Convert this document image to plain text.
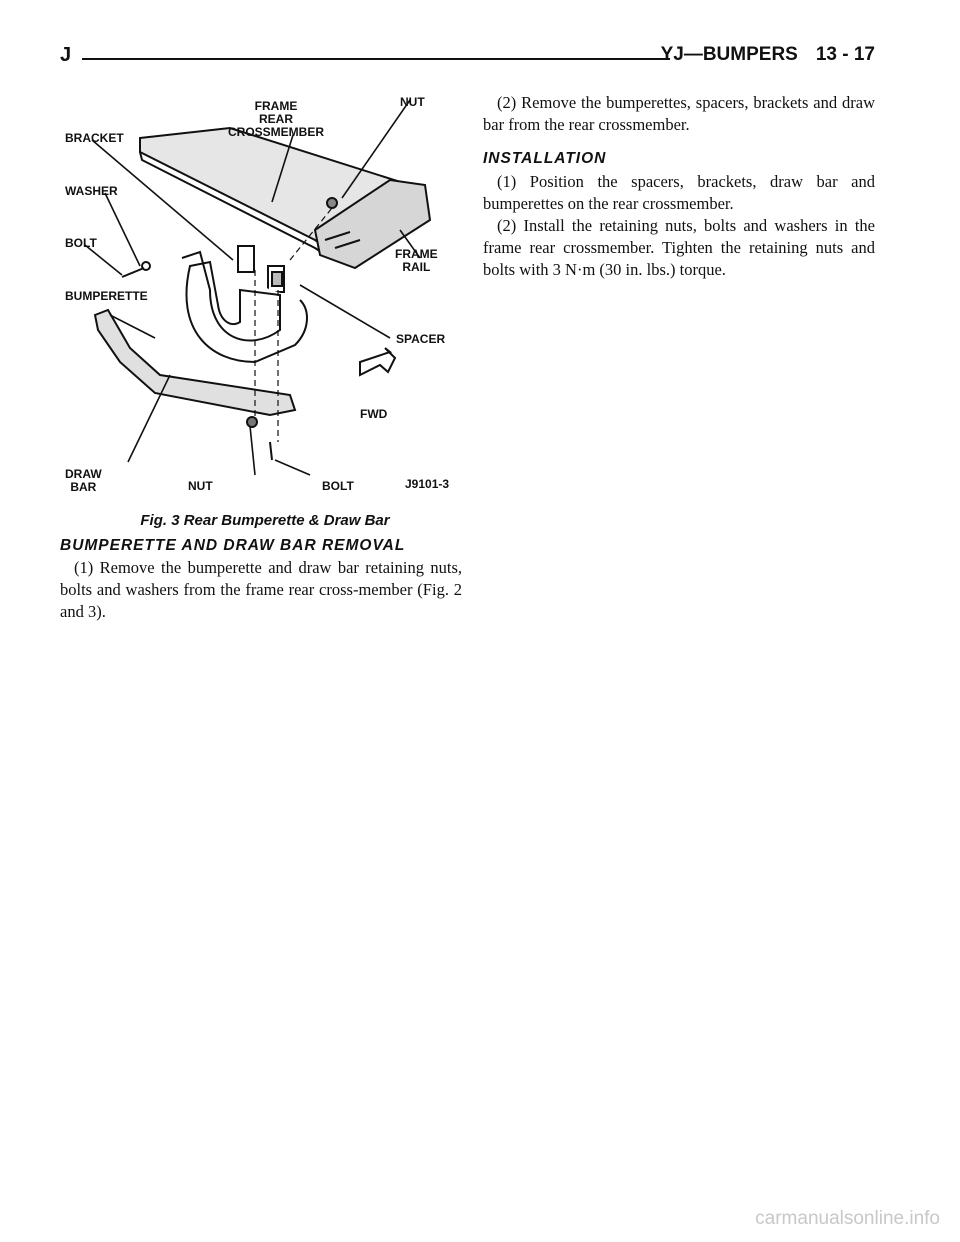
J	YJ—BUMPERS 13 - 17
FRAME
REAR
CROSSMEMBER
NUT
BRACKET
WASHER
BOLT
BUMPERETTE
FRAME
RAIL
SPACER
FWD
DRAW
BAR	NUT	BOLT	J9101-3
Fig. 3 Rear Bumperette & Draw Bar
BUMPERETTE AND DRAW BAR REMOVAL

(1) Remove the bumperette and draw bar retaining nuts, bolts and washers from the frame rear cross-member (Fig. 2 and 3).

(2) Remove the bumperettes, spacers, brackets and draw bar from the rear crossmember.

INSTALLATION

(1) Position the spacers, brackets, draw bar and bumperettes on the rear crossmember.

(2) Install the retaining nuts, bolts and washers in the frame rear crossmember. Tighten the retaining nuts and bolts with 3 N·m (30 in. lbs.) torque.

carmanualsonline.info
